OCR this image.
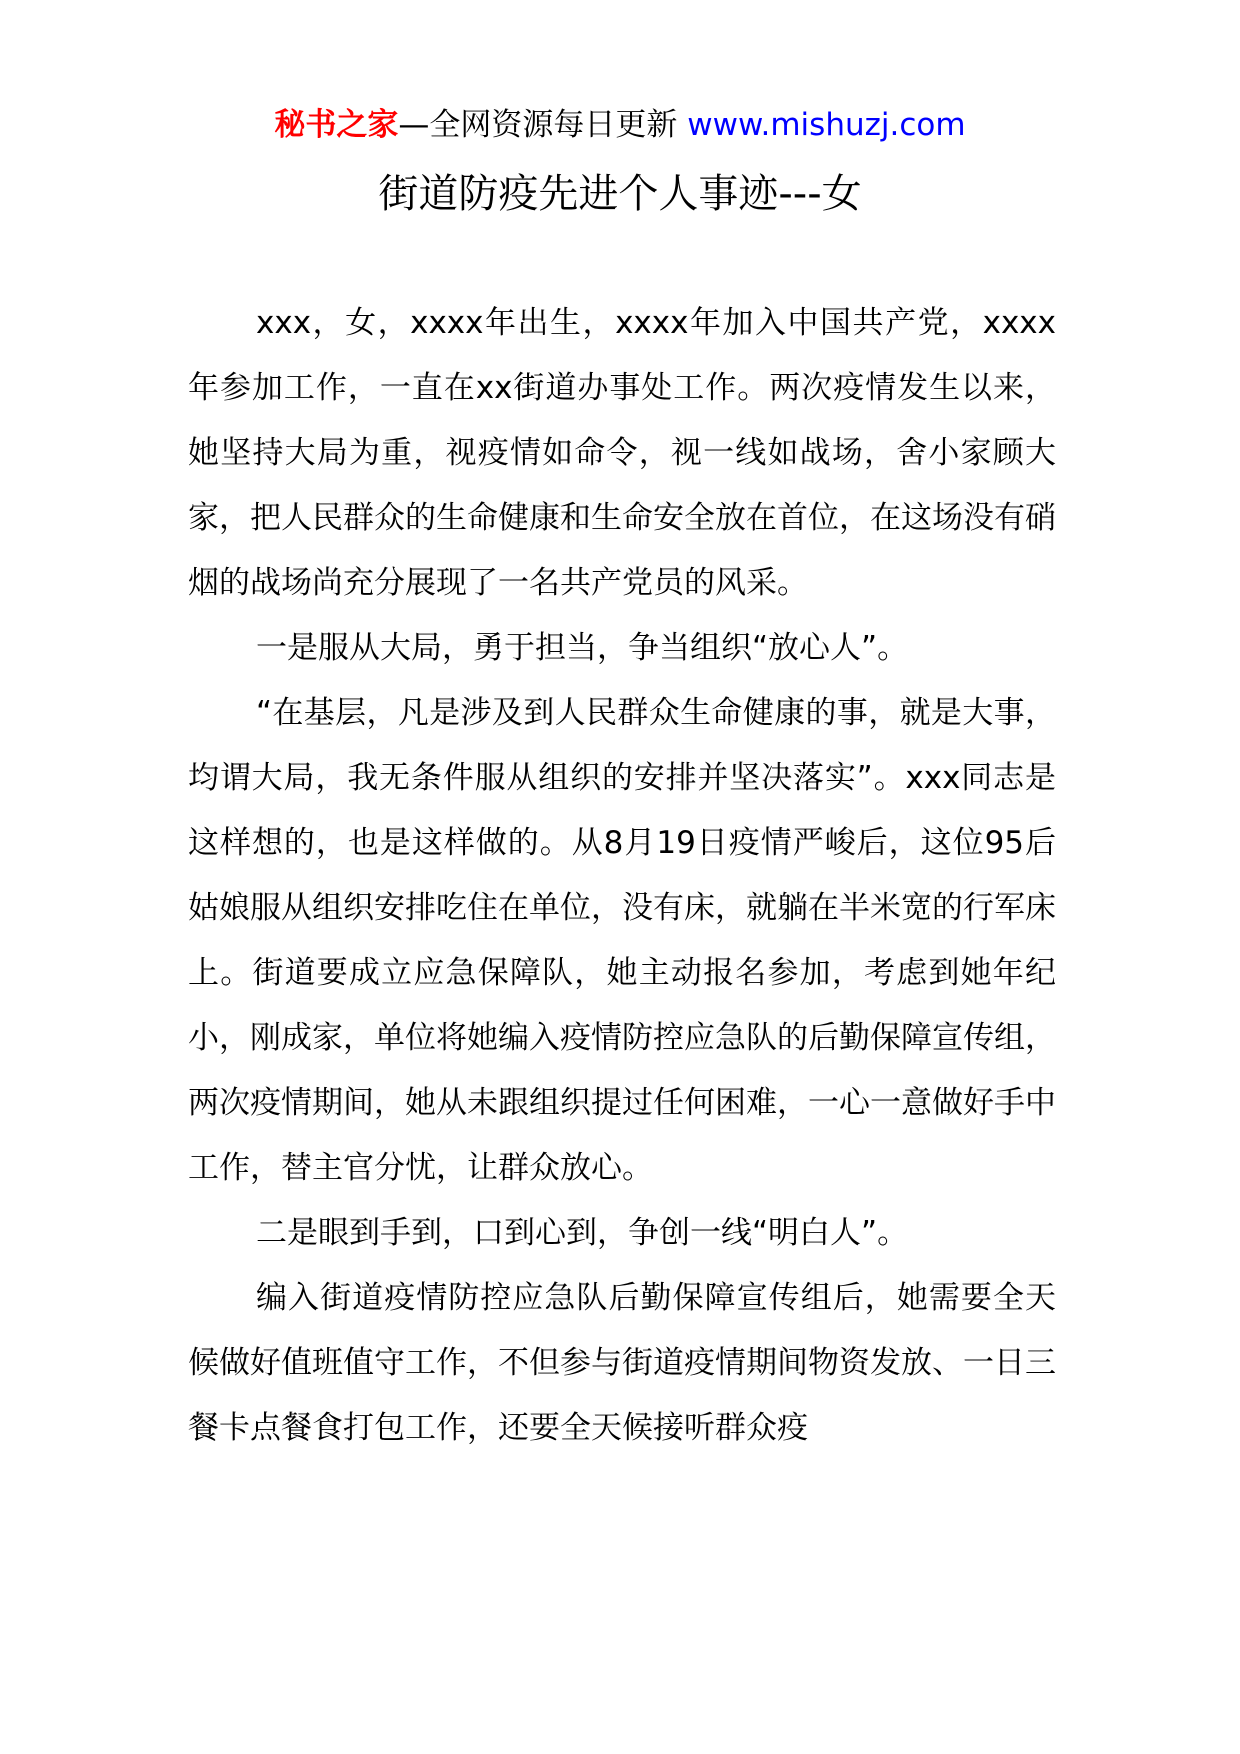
秘书之家—全网资源每日更新 www.mishuzj.com
街道防疫先进个人事迹---女

xxx，女，xxxx年出生，xxxx年加入中国共产党，xxxx年参加工作，一直在xx街道办事处工作。两次疫情发生以来，她坚持大局为重，视疫情如命令，视一线如战场，舍小家顾大家，把人民群众的生命健康和生命安全放在首位，在这场没有硝烟的战场尚充分展现了一名共产党员的风采。

一是服从大局，勇于担当，争当组织“放心人”。

“在基层，凡是涉及到人民群众生命健康的事，就是大事，均谓大局，我无条件服从组织的安排并坚决落实”。xxx同志是这样想的，也是这样做的。从8月19日疫情严峻后，这位95后姑娘服从组织安排吃住在单位，没有床，就躺在半米宽的行军床上。街道要成立应急保障队，她主动报名参加，考虑到她年纪小，刚成家，单位将她编入疫情防控应急队的后勤保障宣传组，两次疫情期间，她从未跟组织提过任何困难，一心一意做好手中工作，替主官分忧，让群众放心。

二是眼到手到，口到心到，争创一线“明白人”。

编入街道疫情防控应急队后勤保障宣传组后，她需要全天候做好值班值守工作，不但参与街道疫情期间物资发放、一日三餐卡点餐食打包工作，还要全天候接听群众疫
